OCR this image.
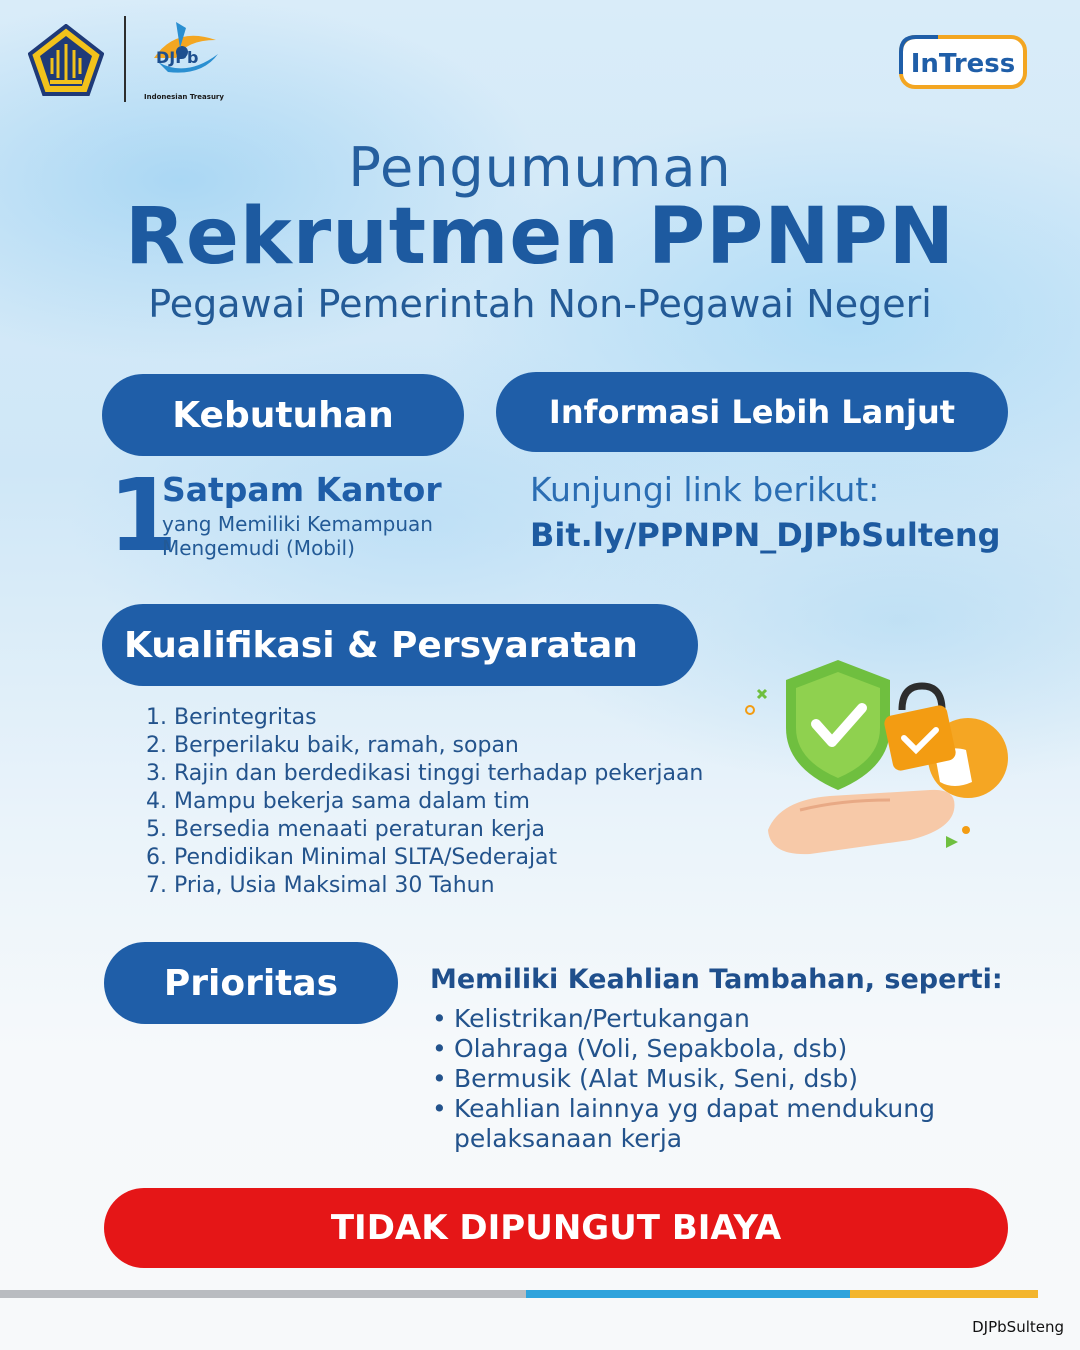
DJPb
Indonesian Treasury
InTress
Pengumuman
Rekrutmen PPNPN
Pegawai Pemerintah Non-Pegawai Negeri
Kebutuhan
1
Satpam Kantor
yang Memiliki Kemampuan Mengemudi (Mobil)
Informasi Lebih Lanjut
Kunjungi link berikut:
Bit.ly/PPNPN_DJPbSulteng
Kualifikasi & Persyaratan
1. Berintegritas
2. Berperilaku baik, ramah, sopan
3. Rajin dan berdedikasi tinggi terhadap pekerjaan
4. Mampu bekerja sama dalam tim
5. Bersedia menaati peraturan kerja
6. Pendidikan Minimal SLTA/Sederajat
7. Pria, Usia Maksimal 30 Tahun
Prioritas	Memiliki Keahlian Tambahan, seperti:
• Kelistrikan/Pertukangan
• Olahraga (Voli, Sepakbola, dsb)
• Bermusik (Alat Musik, Seni, dsb)
• Keahlian lainnya yg dapat mendukung pelaksanaan kerja
TIDAK DIPUNGUT BIAYA
DJPbSulteng
